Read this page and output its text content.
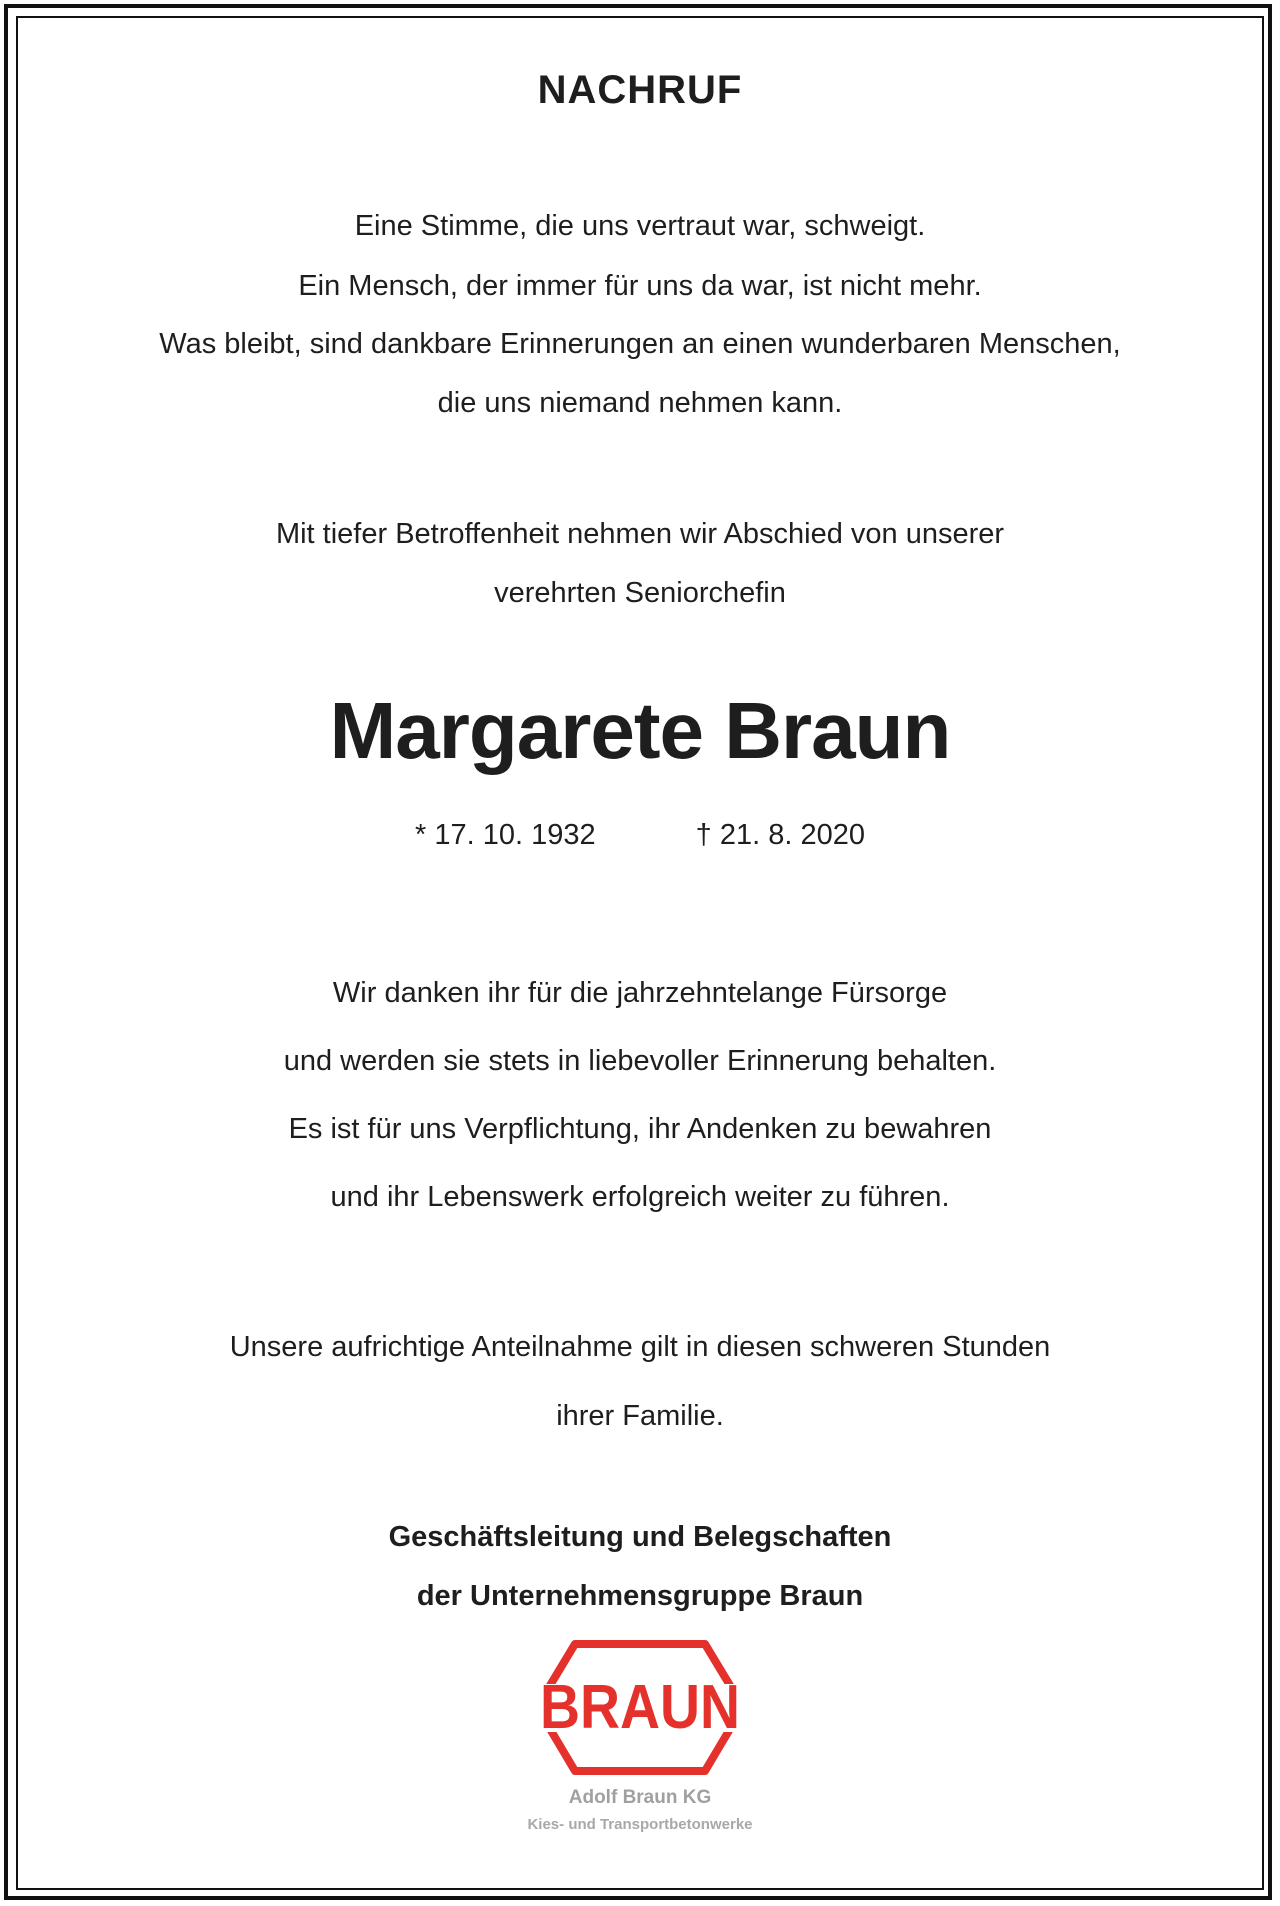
NACHRUF
Eine Stimme, die uns vertraut war, schweigt.
Ein Mensch, der immer für uns da war, ist nicht mehr.
Was bleibt, sind dankbare Erinnerungen an einen wunderbaren Menschen,
die uns niemand nehmen kann.
Mit tiefer Betroffenheit nehmen wir Abschied von unserer
verehrten Seniorchefin
Margarete Braun
* 17. 10. 1932	† 21. 8. 2020
Wir danken ihr für die jahrzehntelange Fürsorge
und werden sie stets in liebevoller Erinnerung behalten.
Es ist für uns Verpflichtung, ihr Andenken zu bewahren
und ihr Lebenswerk erfolgreich weiter zu führen.
Unsere aufrichtige Anteilnahme gilt in diesen schweren Stunden
ihrer Familie.
Geschäftsleitung und Belegschaften
der Unternehmensgruppe Braun
BRAUN
Adolf Braun KG
Kies- und Transportbetonwerke
